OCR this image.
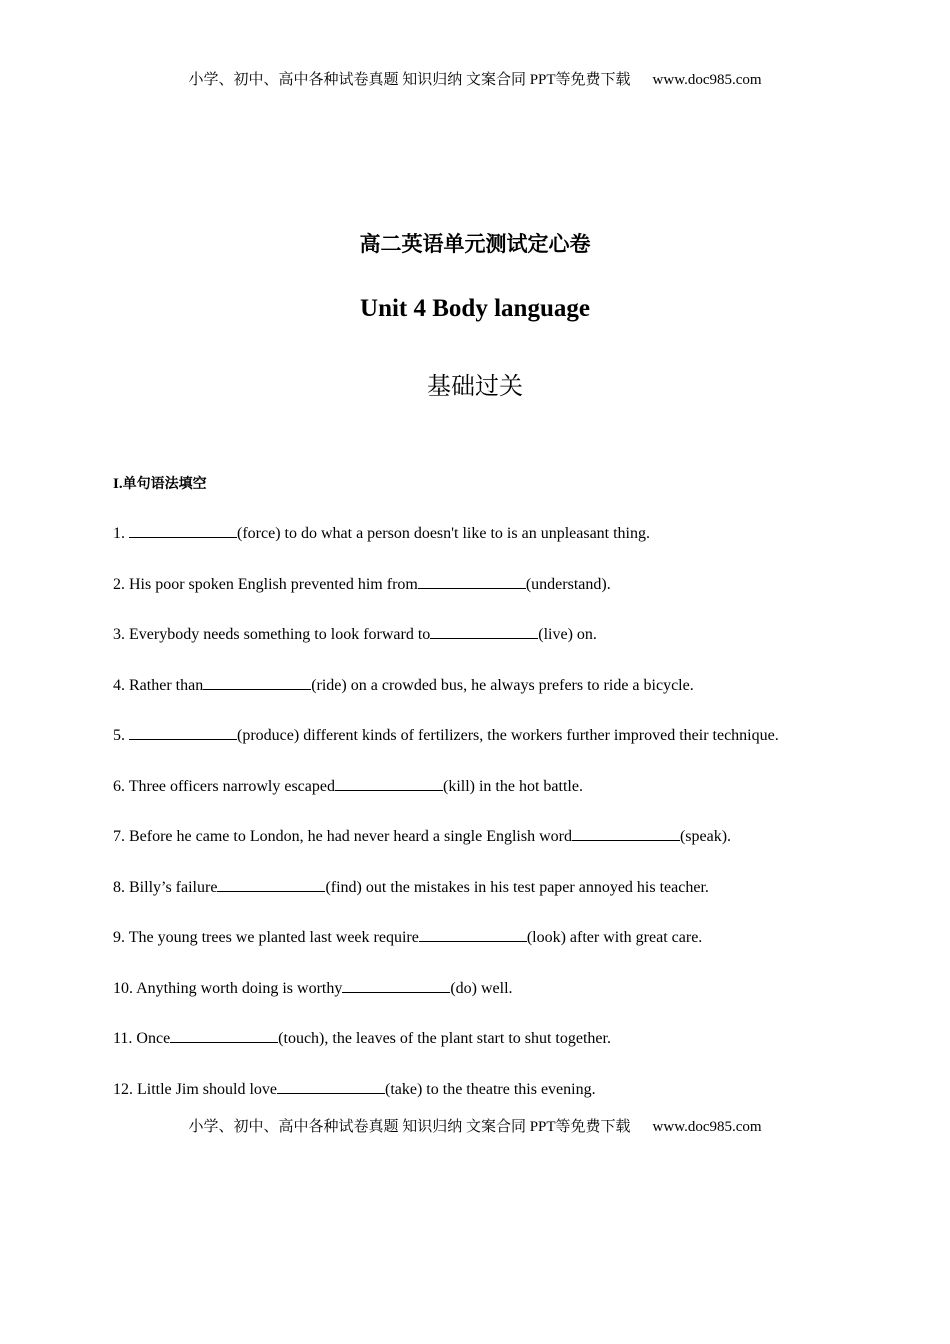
小学、初中、高中各种试卷真题 知识归纳 文案合同 PPT等免费下载 www.doc985.com
高二英语单元测试定心卷
Unit 4 Body language
基础过关
I.单句语法填空
1.	(force) to do what a person doesn't like to is an unpleasant thing.
2. His poor spoken English prevented him from	(understand).
3. Everybody needs something to look forward to	(live) on.
4. Rather than	(ride) on a crowded bus, he always prefers to ride a bicycle.
5.	(produce) different kinds of fertilizers, the workers further improved their technique.
6. Three officers narrowly escaped	(kill) in the hot battle.
7. Before he came to London, he had never heard a single English word	(speak).
8. Billy’s failure	(find) out the mistakes in his test paper annoyed his teacher.
9. The young trees we planted last week require	(look) after with great care.
10. Anything worth doing is worthy	(do) well.
11. Once	(touch), the leaves of the plant start to shut together.
12. Little Jim should love	(take) to the theatre this evening.
小学、初中、高中各种试卷真题 知识归纳 文案合同 PPT等免费下载 www.doc985.com
